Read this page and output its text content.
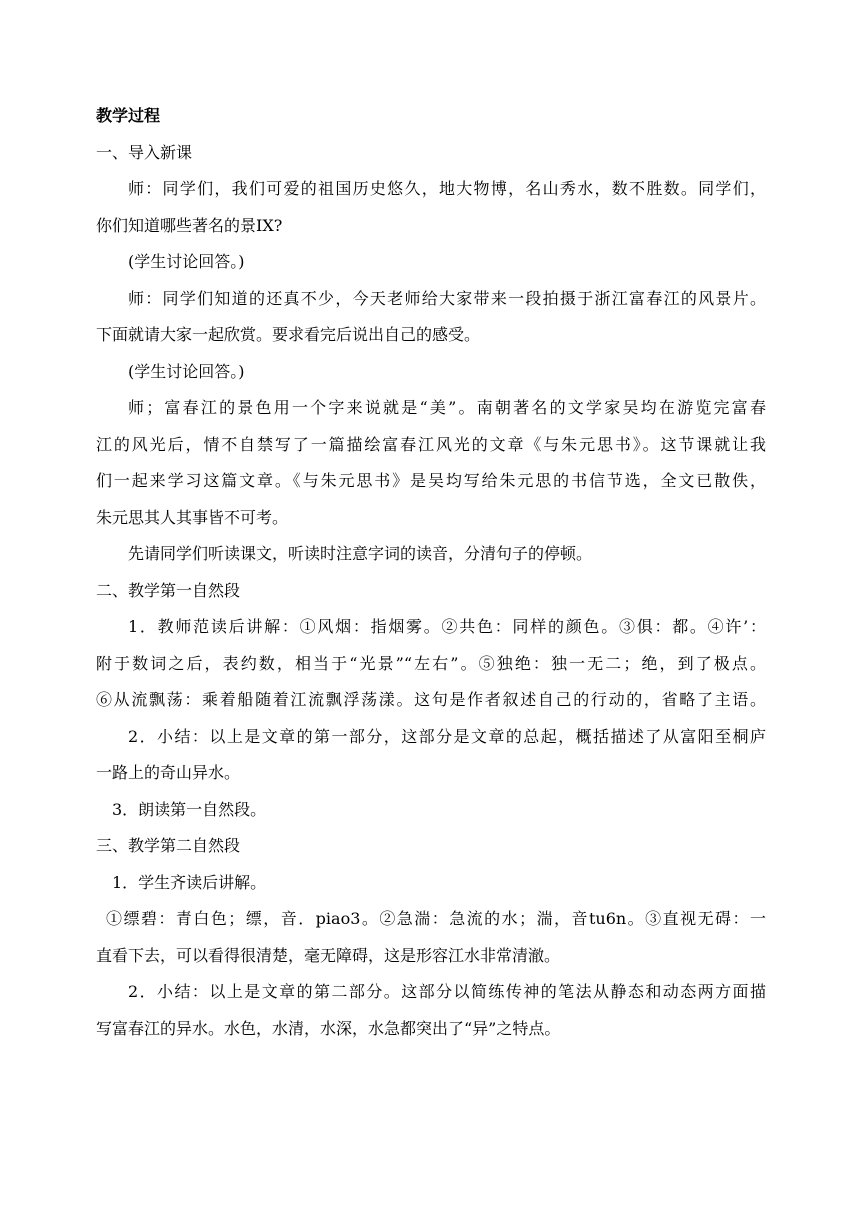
教学过程

一、导入新课

师：同学们，我们可爱的祖国历史悠久，地大物博，名山秀水，数不胜数。同学们，

你们知道哪些著名的景IX?

(学生讨论回答。)

师：同学们知道的还真不少，今天老师给大家带来一段拍摄于浙江富春江的风景片。

下面就请大家一起欣赏。要求看完后说出自己的感受。

(学生讨论回答。)

师；富春江的景色用一个字来说就是“美”。南朝著名的文学家吴均在游览完富春

江的风光后，情不自禁写了一篇描绘富春江风光的文章《与朱元思书》。这节课就让我

们一起来学习这篇文章。《与朱元思书》是吴均写给朱元思的书信节选，全文已散佚，

朱元思其人其事皆不可考。

先请同学们听读课文，听读时注意字词的读音，分清句子的停顿。

二、教学第一自然段

1．教师范读后讲解：①风烟：指烟雾。②共色：同样的颜色。③俱：都。④许’：

附于数词之后，表约数，相当于“光景”“左右”。⑤独绝：独一无二；绝，到了极点。

⑥从流飘荡：乘着船随着江流飘浮荡漾。这句是作者叙述自己的行动的，省略了主语。

2．小结：以上是文章的第一部分，这部分是文章的总起，概括描述了从富阳至桐庐

一路上的奇山异水。

3．朗读第一自然段。

三、教学第二自然段

1．学生齐读后讲解。

①缥碧：青白色；缥，音．piao3。②急湍：急流的水；湍，音tu6n。③直视无碍：一

直看下去，可以看得很清楚，毫无障碍，这是形容江水非常清澈。

2．小结：以上是文章的第二部分。这部分以简练传神的笔法从静态和动态两方面描

写富春江的异水。水色，水清，水深，水急都突出了“异”之特点。
